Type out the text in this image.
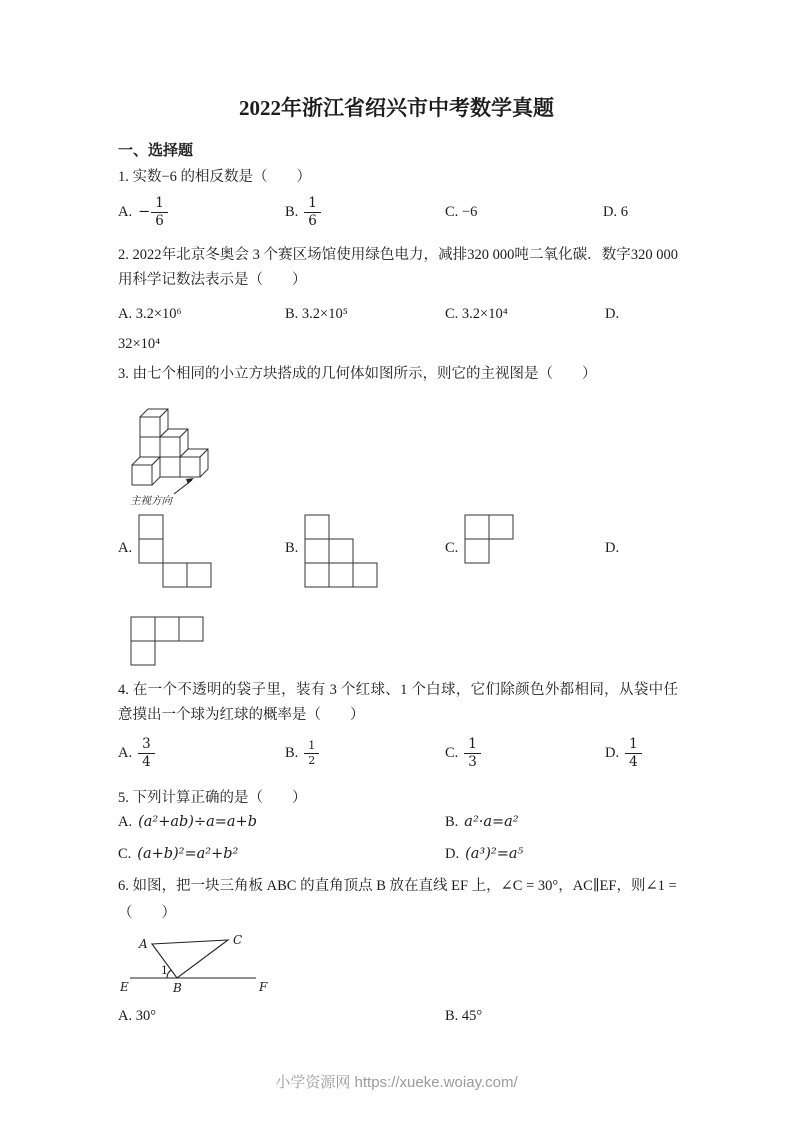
2022年浙江省绍兴市中考数学真题
一、选择题
1. 实数−6 的相反数是（　　）
A. − $\frac{1}{6}$	B. $\frac{1}{6}$	C. −6	D. 6
2. 2022年北京冬奥会 3 个赛区场馆使用绿色电力，减排320 000吨二氧化碳．数字320 000用科学记数法表示是（　　）
A. 3.2×10⁶	B. 3.2×10⁵	C. 3.2×10⁴	D.
32×10⁴
3. 由七个相同的小立方块搭成的几何体如图所示，则它的主视图是（　　）
主视方向
A.	B.	C.	D.
4. 在一个不透明的袋子里，装有 3 个红球、1 个白球，它们除颜色外都相同，从袋中任意摸出一个球为红球的概率是（　　）
A. $\frac{3}{4}$	B. $\frac{1}{2}$	C. $\frac{1}{3}$	D. $\frac{1}{4}$
5. 下列计算正确的是（　　）
A. (a²+ab)÷a=a+b	B. a²·a=a²
C. (a+b)²=a²+b²	D. (a³)²=a⁵
6. 如图，把一块三角板 ABC 的直角顶点 B 放在直线 EF 上，∠C = 30°，AC∥EF，则∠1 =
（　　）
A	C
E	B	F
1
A. 30°	B. 45°
小学资源网 https://xueke.woiay.com/
